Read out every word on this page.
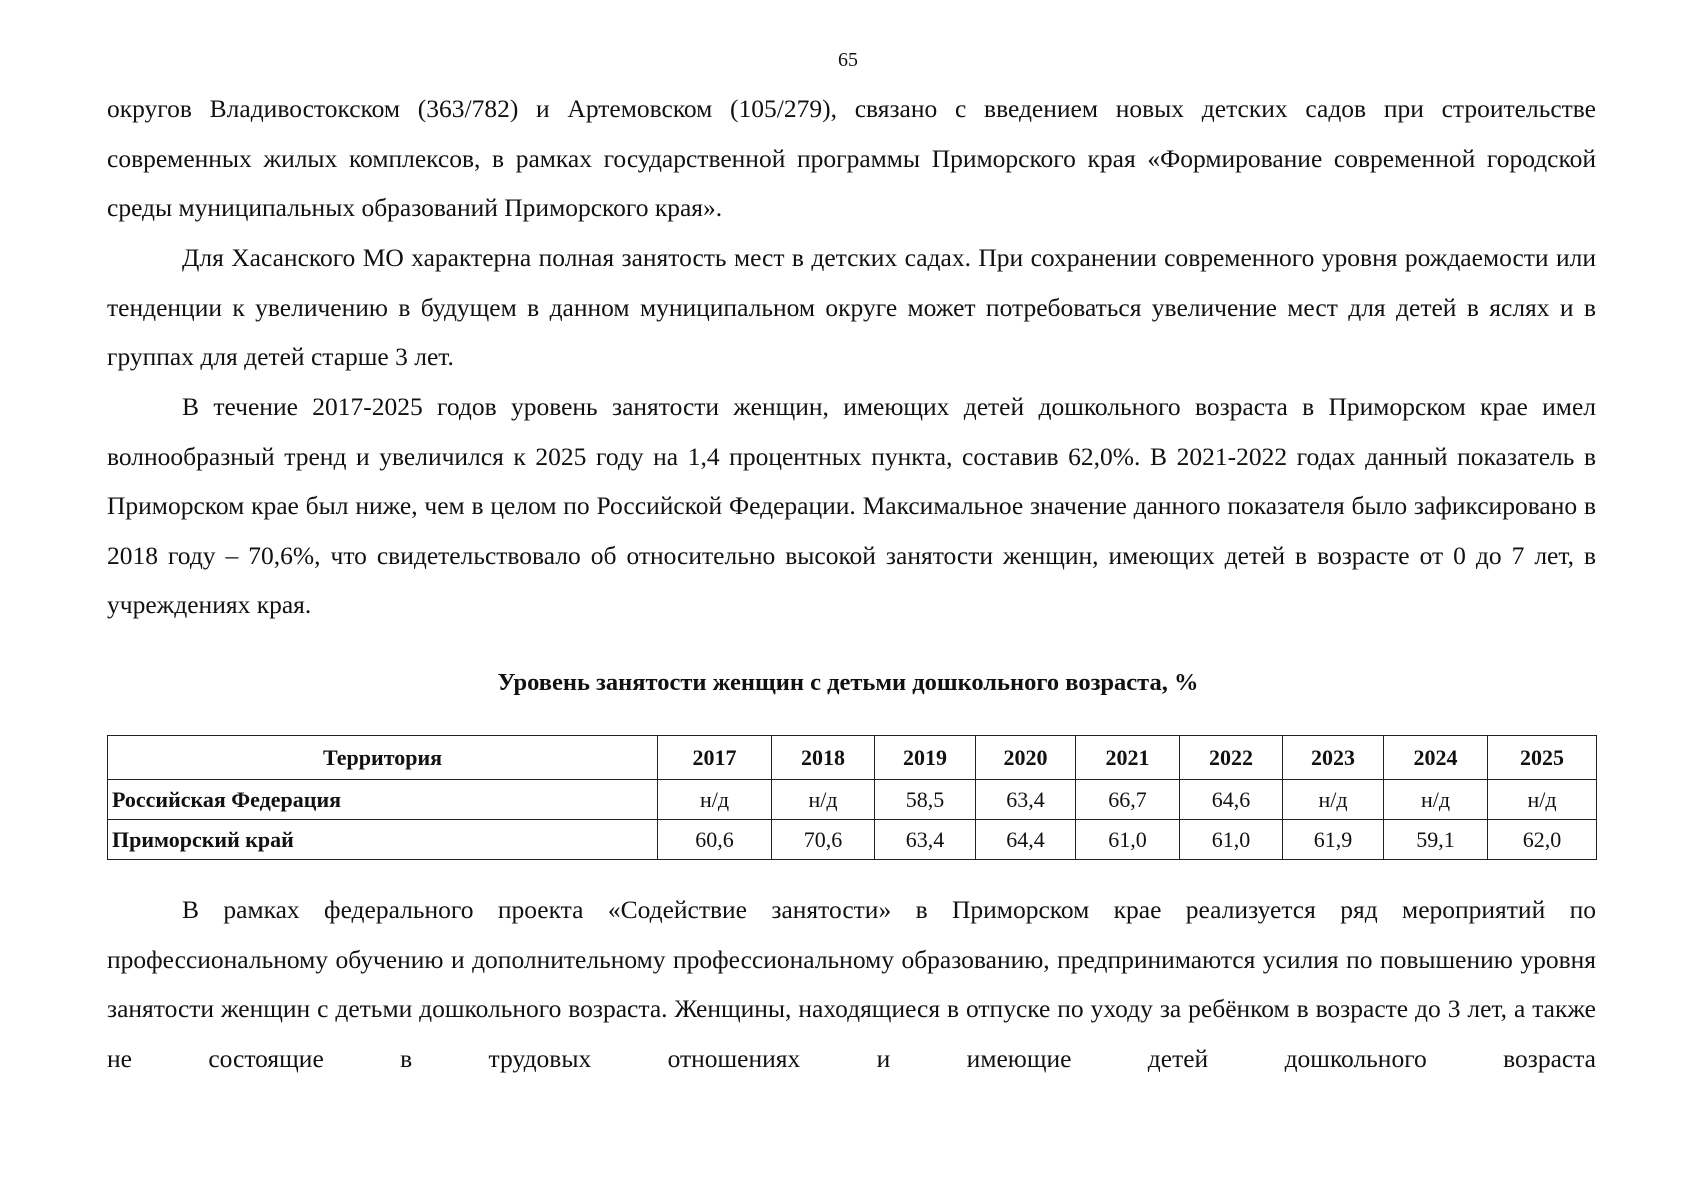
65

округов Владивостокском (363/782) и Артемовском (105/279), связано с введением новых детских садов при строительстве современных жилых комплексов, в рамках государственной программы Приморского края «Формирование современной городской среды муниципальных образований Приморского края».

Для Хасанского МО характерна полная занятость мест в детских садах. При сохранении современного уровня рождаемости или тенденции к увеличению в будущем в данном муниципальном округе может потребоваться увеличение мест для детей в яслях и в группах для детей старше 3 лет.

В течение 2017-2025 годов уровень занятости женщин, имеющих детей дошкольного возраста в Приморском крае имел волнообразный тренд и увеличился к 2025 году на 1,4 процентных пункта, составив 62,0%. В 2021-2022 годах данный показатель в Приморском крае был ниже, чем в целом по Российской Федерации. Максимальное значение данного показателя было зафиксировано в 2018 году – 70,6%, что свидетельствовало об относительно высокой занятости женщин, имеющих детей в возрасте от 0 до 7 лет, в учреждениях края.

Уровень занятости женщин с детьми дошкольного возраста, %

Территория	2017	2018	2019	2020	2021	2022	2023	2024	2025
Российская Федерация	н/д	н/д	58,5	63,4	66,7	64,6	н/д	н/д	н/д
Приморский край	60,6	70,6	63,4	64,4	61,0	61,0	61,9	59,1	62,0

В рамках федерального проекта «Содействие занятости» в Приморском крае реализуется ряд мероприятий по профессиональному обучению и дополнительному профессиональному образованию, предпринимаются усилия по повышению уровня занятости женщин с детьми дошкольного возраста. Женщины, находящиеся в отпуске по уходу за ребёнком в возрасте до 3 лет, а также не состоящие в трудовых отношениях и имеющие детей дошкольного возраста
